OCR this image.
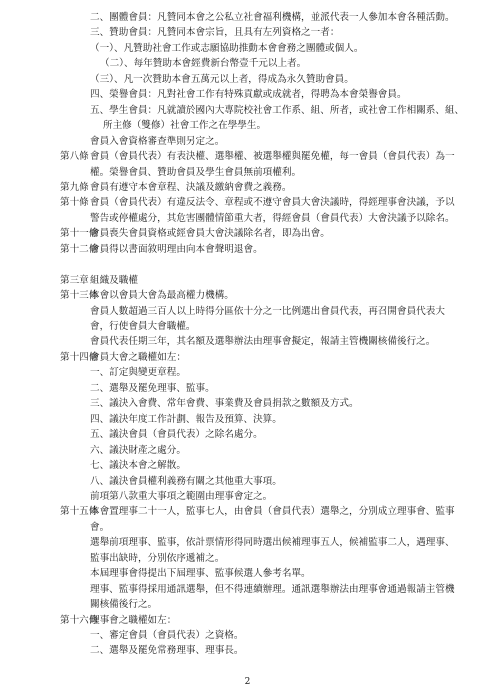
二、團體會員：凡贊同本會之公私立社會福利機構，並派代表一人參加本會各種活動。
三、贊助會員：凡贊同本會宗旨，且具有左列資格之一者：
（一）、凡贊助社會工作或志願協助推動本會會務之團體或個人。
（二）、每年贊助本會經費新台幣壹千元以上者。
（三）、凡一次贊助本會五萬元以上者，得成為永久贊助會員。
四、榮譽會員：凡對社會工作有特殊貢獻或成就者，得聘為本會榮譽會員。
五、學生會員：凡就讀於國內大專院校社會工作系、組、所者，或社會工作相關系、組、
所主修（雙修）社會工作之在學學生。
會員入會資格審查準則另定之。
第八條 會員（會員代表）有表決權、選舉權、被選舉權與罷免權，每一會員（會員代表）為一
權。榮譽會員、贊助會員及學生會員無前項權利。
第九條 會員有遵守本會章程、決議及繳納會費之義務。
第十條 會員（會員代表）有違反法令、章程或不遵守會員大會決議時，得經理事會決議，予以
警告或停權處分，其危害團體情節重大者，得經會員（會員代表）大會決議予以除名。
第十一條
會員喪失會員資格或經會員大會決議除名者，即為出會。
第十二條
會員得以書面敘明理由向本會聲明退會。
第三章 組織及職權
第十三條
本會以會員大會為最高權力機構。
會員人數超過三百人以上時得分區依十分之一比例選出會員代表，再召開會員代表大
會，行使會員大會職權。
會員代表任期三年，其名額及選舉辦法由理事會擬定，報請主管機關核備後行之。
第十四條
會員大會之職權如左：
一、訂定與變更章程。
二、選舉及罷免理事、監事。
三、議決入會費、常年會費、事業費及會員捐款之數額及方式。
四、議決年度工作計劃、報告及預算、決算。
五、議決會員（會員代表）之除名處分。
六、議決財產之處分。
七、議決本會之解散。
八、議決會員權利義務有關之其他重大事項。
前項第八款重大事項之範圍由理事會定之。
第十五條
本會置理事二十一人，監事七人，由會員（會員代表）選舉之，分別成立理事會、監事
會。
選舉前項理事、監事，依計票情形得同時選出候補理事五人，候補監事二人，遇理事、
監事出缺時，分別依序遞補之。
本屆理事會得提出下屆理事、監事候選人參考名單。
理事、監事得採用通訊選舉，但不得連續辦理。通訊選舉辦法由理事會通過報請主管機
關核備後行之。
第十六條
理事會之職權如左：
一、審定會員（會員代表）之資格。
二、選舉及罷免常務理事、理事長。
2
